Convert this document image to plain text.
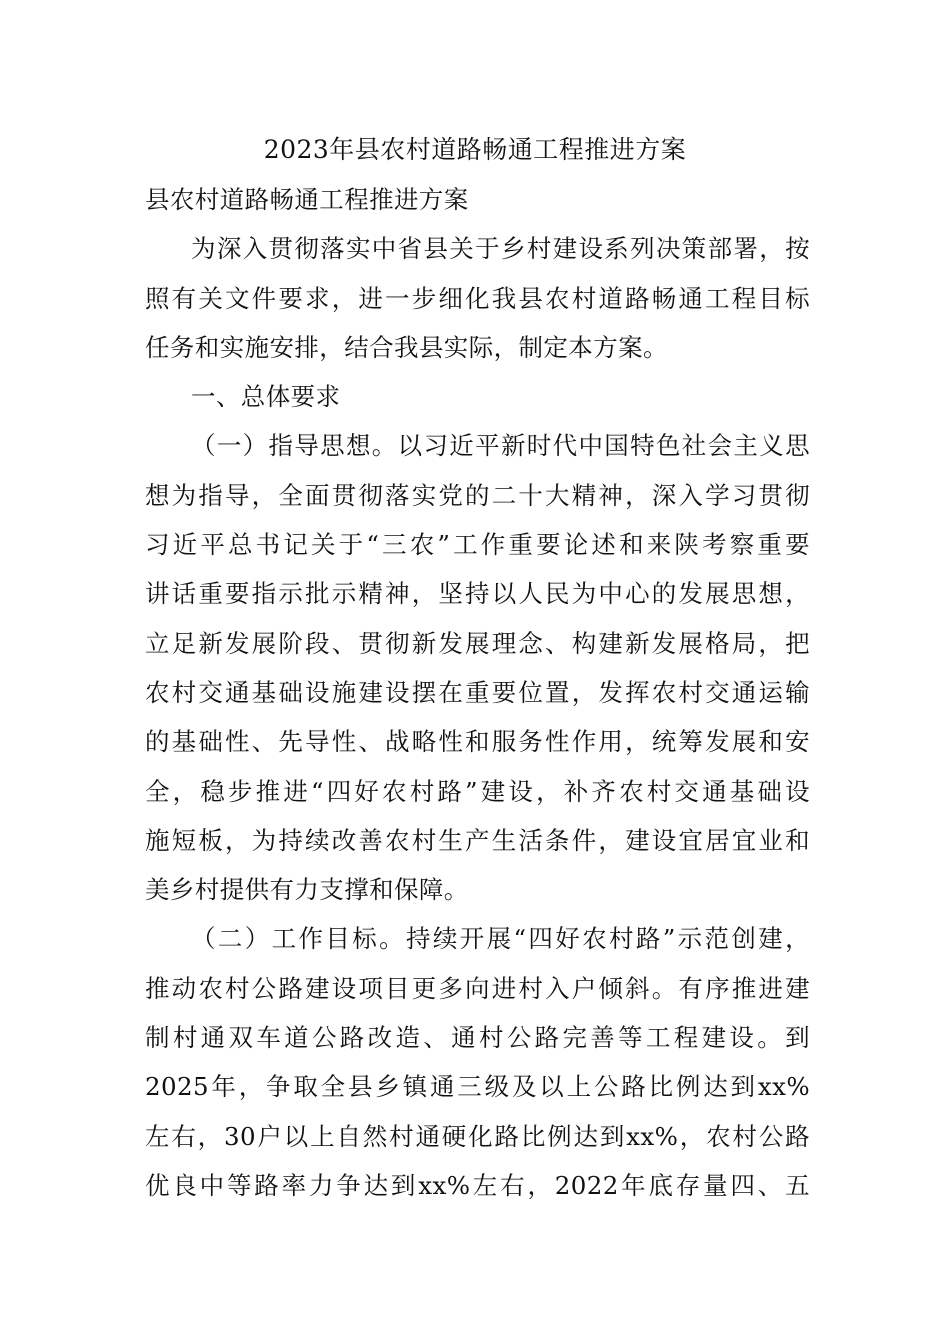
2023年县农村道路畅通工程推进方案
县农村道路畅通工程推进方案
为深入贯彻落实中省县关于乡村建设系列决策部署，按
照有关文件要求，进一步细化我县农村道路畅通工程目标
任务和实施安排，结合我县实际，制定本方案。
一、总体要求
（一）指导思想。以习近平新时代中国特色社会主义思
想为指导，全面贯彻落实党的二十大精神，深入学习贯彻
习近平总书记关于“三农”工作重要论述和来陕考察重要
讲话重要指示批示精神，坚持以人民为中心的发展思想，
立足新发展阶段、贯彻新发展理念、构建新发展格局，把
农村交通基础设施建设摆在重要位置，发挥农村交通运输
的基础性、先导性、战略性和服务性作用，统筹发展和安
全，稳步推进“四好农村路”建设，补齐农村交通基础设
施短板，为持续改善农村生产生活条件，建设宜居宜业和
美乡村提供有力支撑和保障。
（二）工作目标。持续开展“四好农村路”示范创建，
推动农村公路建设项目更多向进村入户倾斜。有序推进建
制村通双车道公路改造、通村公路完善等工程建设。到
2025年，争取全县乡镇通三级及以上公路比例达到xx%
左右，30户以上自然村通硬化路比例达到xx%，农村公路
优良中等路率力争达到xx%左右，2022年底存量四、五
